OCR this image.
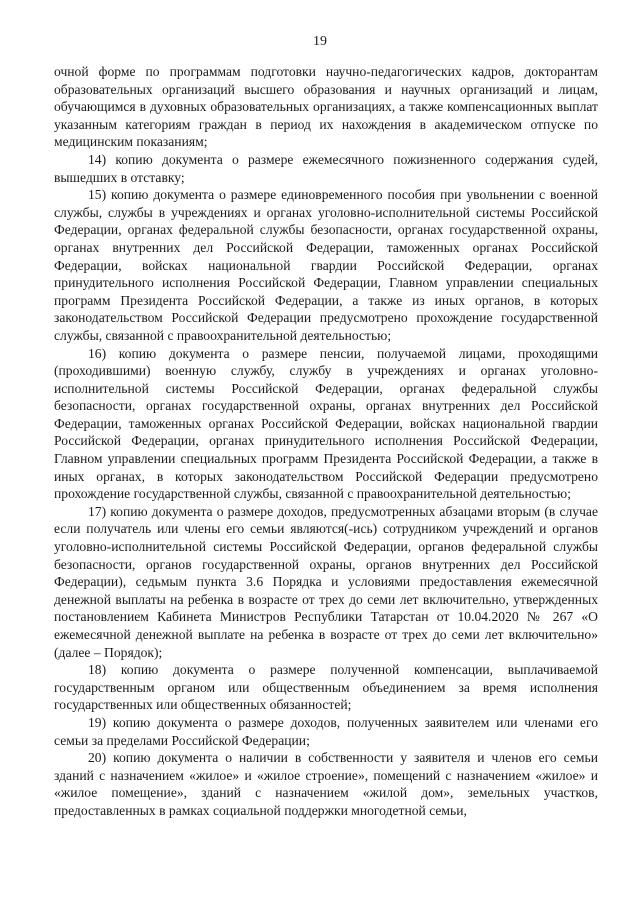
19

очной форме по программам подготовки научно-педагогических кадров, докторантам образовательных организаций высшего образования и научных организаций и лицам, обучающимся в духовных образовательных организациях, а также компенсационных выплат указанным категориям граждан в период их нахождения в академическом отпуске по медицинским показаниям;

14) копию документа о размере ежемесячного пожизненного содержания судей, вышедших в отставку;

15) копию документа о размере единовременного пособия при увольнении с военной службы, службы в учреждениях и органах уголовно-исполнительной системы Российской Федерации, органах федеральной службы безопасности, органах государственной охраны, органах внутренних дел Российской Федерации, таможенных органах Российской Федерации, войсках национальной гвардии Российской Федерации, органах принудительного исполнения Российской Федерации, Главном управлении специальных программ Президента Российской Федерации, а также из иных органов, в которых законодательством Российской Федерации предусмотрено прохождение государственной службы, связанной с правоохранительной деятельностью;

16) копию документа о размере пенсии, получаемой лицами, проходящими (проходившими) военную службу, службу в учреждениях и органах уголовно-исполнительной системы Российской Федерации, органах федеральной службы безопасности, органах государственной охраны, органах внутренних дел Российской Федерации, таможенных органах Российской Федерации, войсках национальной гвардии Российской Федерации, органах принудительного исполнения Российской Федерации, Главном управлении специальных программ Президента Российской Федерации, а также в иных органах, в которых законодательством Российской Федерации предусмотрено прохождение государственной службы, связанной с правоохранительной деятельностью;

17) копию документа о размере доходов, предусмотренных абзацами вторым (в случае если получатель или члены его семьи являются(-ись) сотрудником учреждений и органов уголовно-исполнительной системы Российской Федерации, органов федеральной службы безопасности, органов государственной охраны, органов внутренних дел Российской Федерации), седьмым пункта 3.6 Порядка и условиями предоставления ежемесячной денежной выплаты на ребенка в возрасте от трех до семи лет включительно, утвержденных постановлением Кабинета Министров Республики Татарстан от 10.04.2020 № 267 «О ежемесячной денежной выплате на ребенка в возрасте от трех до семи лет включительно» (далее – Порядок);

18) копию документа о размере полученной компенсации, выплачиваемой государственным органом или общественным объединением за время исполнения государственных или общественных обязанностей;

19) копию документа о размере доходов, полученных заявителем или членами его семьи за пределами Российской Федерации;

20) копию документа о наличии в собственности у заявителя и членов его семьи зданий с назначением «жилое» и «жилое строение», помещений с назначением «жилое» и «жилое помещение», зданий с назначением «жилой дом», земельных участков, предоставленных в рамках социальной поддержки многодетной семьи,
